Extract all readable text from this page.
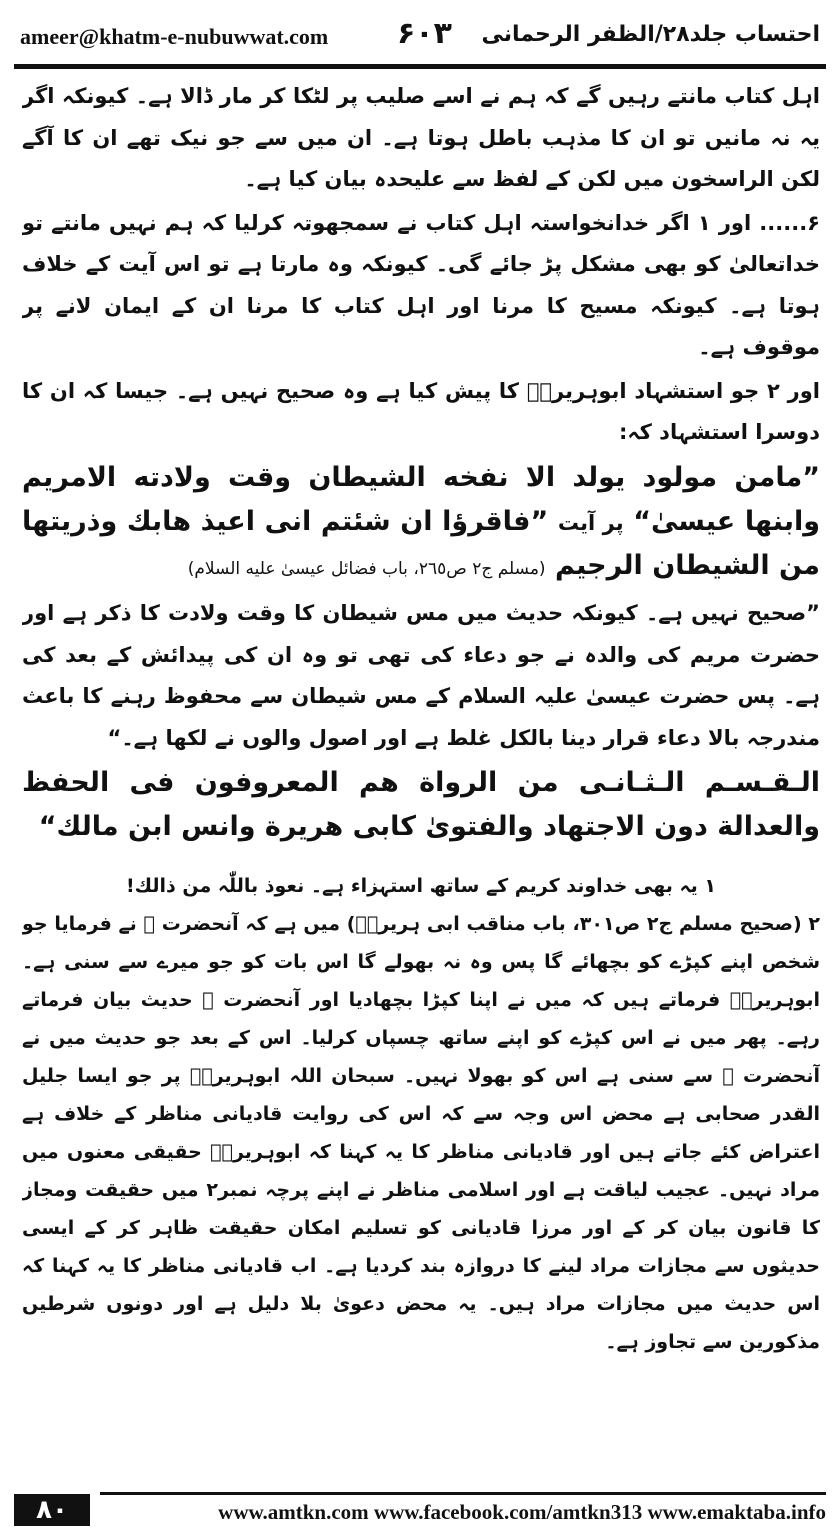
ameer@khatm-e-nubuwwat.com ۶۰۳ احتساب جلد۲۸/الظفر الرحمانی

اہل کتاب مانتے رہیں گے کہ ہم نے اسے صلیب پر لٹکا کر مار ڈالا ہے۔ کیونکہ اگر یہ نہ مانیں تو ان کا مذہب باطل ہوتا ہے۔ ان میں سے جو نیک تھے ان کا آگے لکن الراسخون میں لکن کے لفظ سے علیحدہ بیان کیا ہے۔

۶...... اور ۱ اگر خدانخواستہ اہل کتاب نے سمجھوتہ کرلیا کہ ہم نہیں مانتے تو خداتعالیٰ کو بھی مشکل پڑ جائے گی۔ کیونکہ وہ مارتا ہے تو اس آیت کے خلاف ہوتا ہے۔ کیونکہ مسیح کا مرنا اور اہل کتاب کا مرنا ان کے ایمان لانے پر موقوف ہے۔

اور ۲ جو استشہاد ابوہریرہؓ کا پیش کیا ہے وہ صحیح نہیں ہے۔ جیسا کہ ان کا دوسرا استشہاد کہ:

”مامن مولود یولد الا نفخه الشیطان وقت ولادته الامریم وابنها عیسیٰ“ پر آیت ”فاقرؤا ان شئتم انی اعیذ هابك وذریتها من الشیطان الرجیم (مسلم ج۲ ص۲٦٥، باب فضائل عیسیٰ علیه السلام)

”صحیح نہیں ہے۔ کیونکہ حدیث میں مس شیطان کا وقت ولادت کا ذکر ہے اور حضرت مریم کی والدہ نے جو دعاء کی تھی تو وہ ان کی پیدائش کے بعد کی ہے۔ پس حضرت عیسیٰ علیہ السلام کے مس شیطان سے محفوظ رہنے کا باعث مندرجہ بالا دعاء قرار دینا بالکل غلط ہے اور اصول والوں نے لکھا ہے۔“

الـقـسـم الـثـانـی من الرواة هم المعروفون فی الحفظ والعدالة دون الاجتهاد والفتویٰ کابی هریرة وانس ابن مالك“

۱ یہ بھی خداوند کریم کے ساتھ استہزاء ہے۔ نعوذ باللّٰہ من ذالك!

۲ (صحیح مسلم ج۲ ص۳۰۱، باب مناقب ابی ہریرہؓ) میں ہے کہ آنحضرت ﷺ نے فرمایا جو شخص اپنے کپڑے کو بچھائے گا پس وہ نہ بھولے گا اس بات کو جو میرے سے سنی ہے۔ ابوہریرہؓ فرماتے ہیں کہ میں نے اپنا کپڑا بچھادیا اور آنحضرت ﷺ حدیث بیان فرماتے رہے۔ پھر میں نے اس کپڑے کو اپنے ساتھ چسپاں کرلیا۔ اس کے بعد جو حدیث میں نے آنحضرت ﷺ سے سنی ہے اس کو بھولا نہیں۔ سبحان اللہ ابوہریرہؓ پر جو ایسا جلیل القدر صحابی ہے محض اس وجہ سے کہ اس کی روایت قادیانی مناظر کے خلاف ہے اعتراض کئے جاتے ہیں اور قادیانی مناظر کا یہ کہنا کہ ابوہریرہؓ حقیقی معنوں میں مراد نہیں۔ عجیب لیاقت ہے اور اسلامی مناظر نے اپنے پرچہ نمبر۲ میں حقیقت ومجاز کا قانون بیان کر کے اور مرزا قادیانی کو تسلیم امکان حقیقت ظاہر کر کے ایسی حدیثوں سے مجازات مراد لینے کا دروازہ بند کردیا ہے۔ اب قادیانی مناظر کا یہ کہنا کہ اس حدیث میں مجازات مراد ہیں۔ یہ محض دعویٰ بلا دلیل ہے اور دونوں شرطیں مذکورین سے تجاوز ہے۔

۸۰	www.amtkn.com www.facebook.com/amtkn313 www.emaktaba.info
